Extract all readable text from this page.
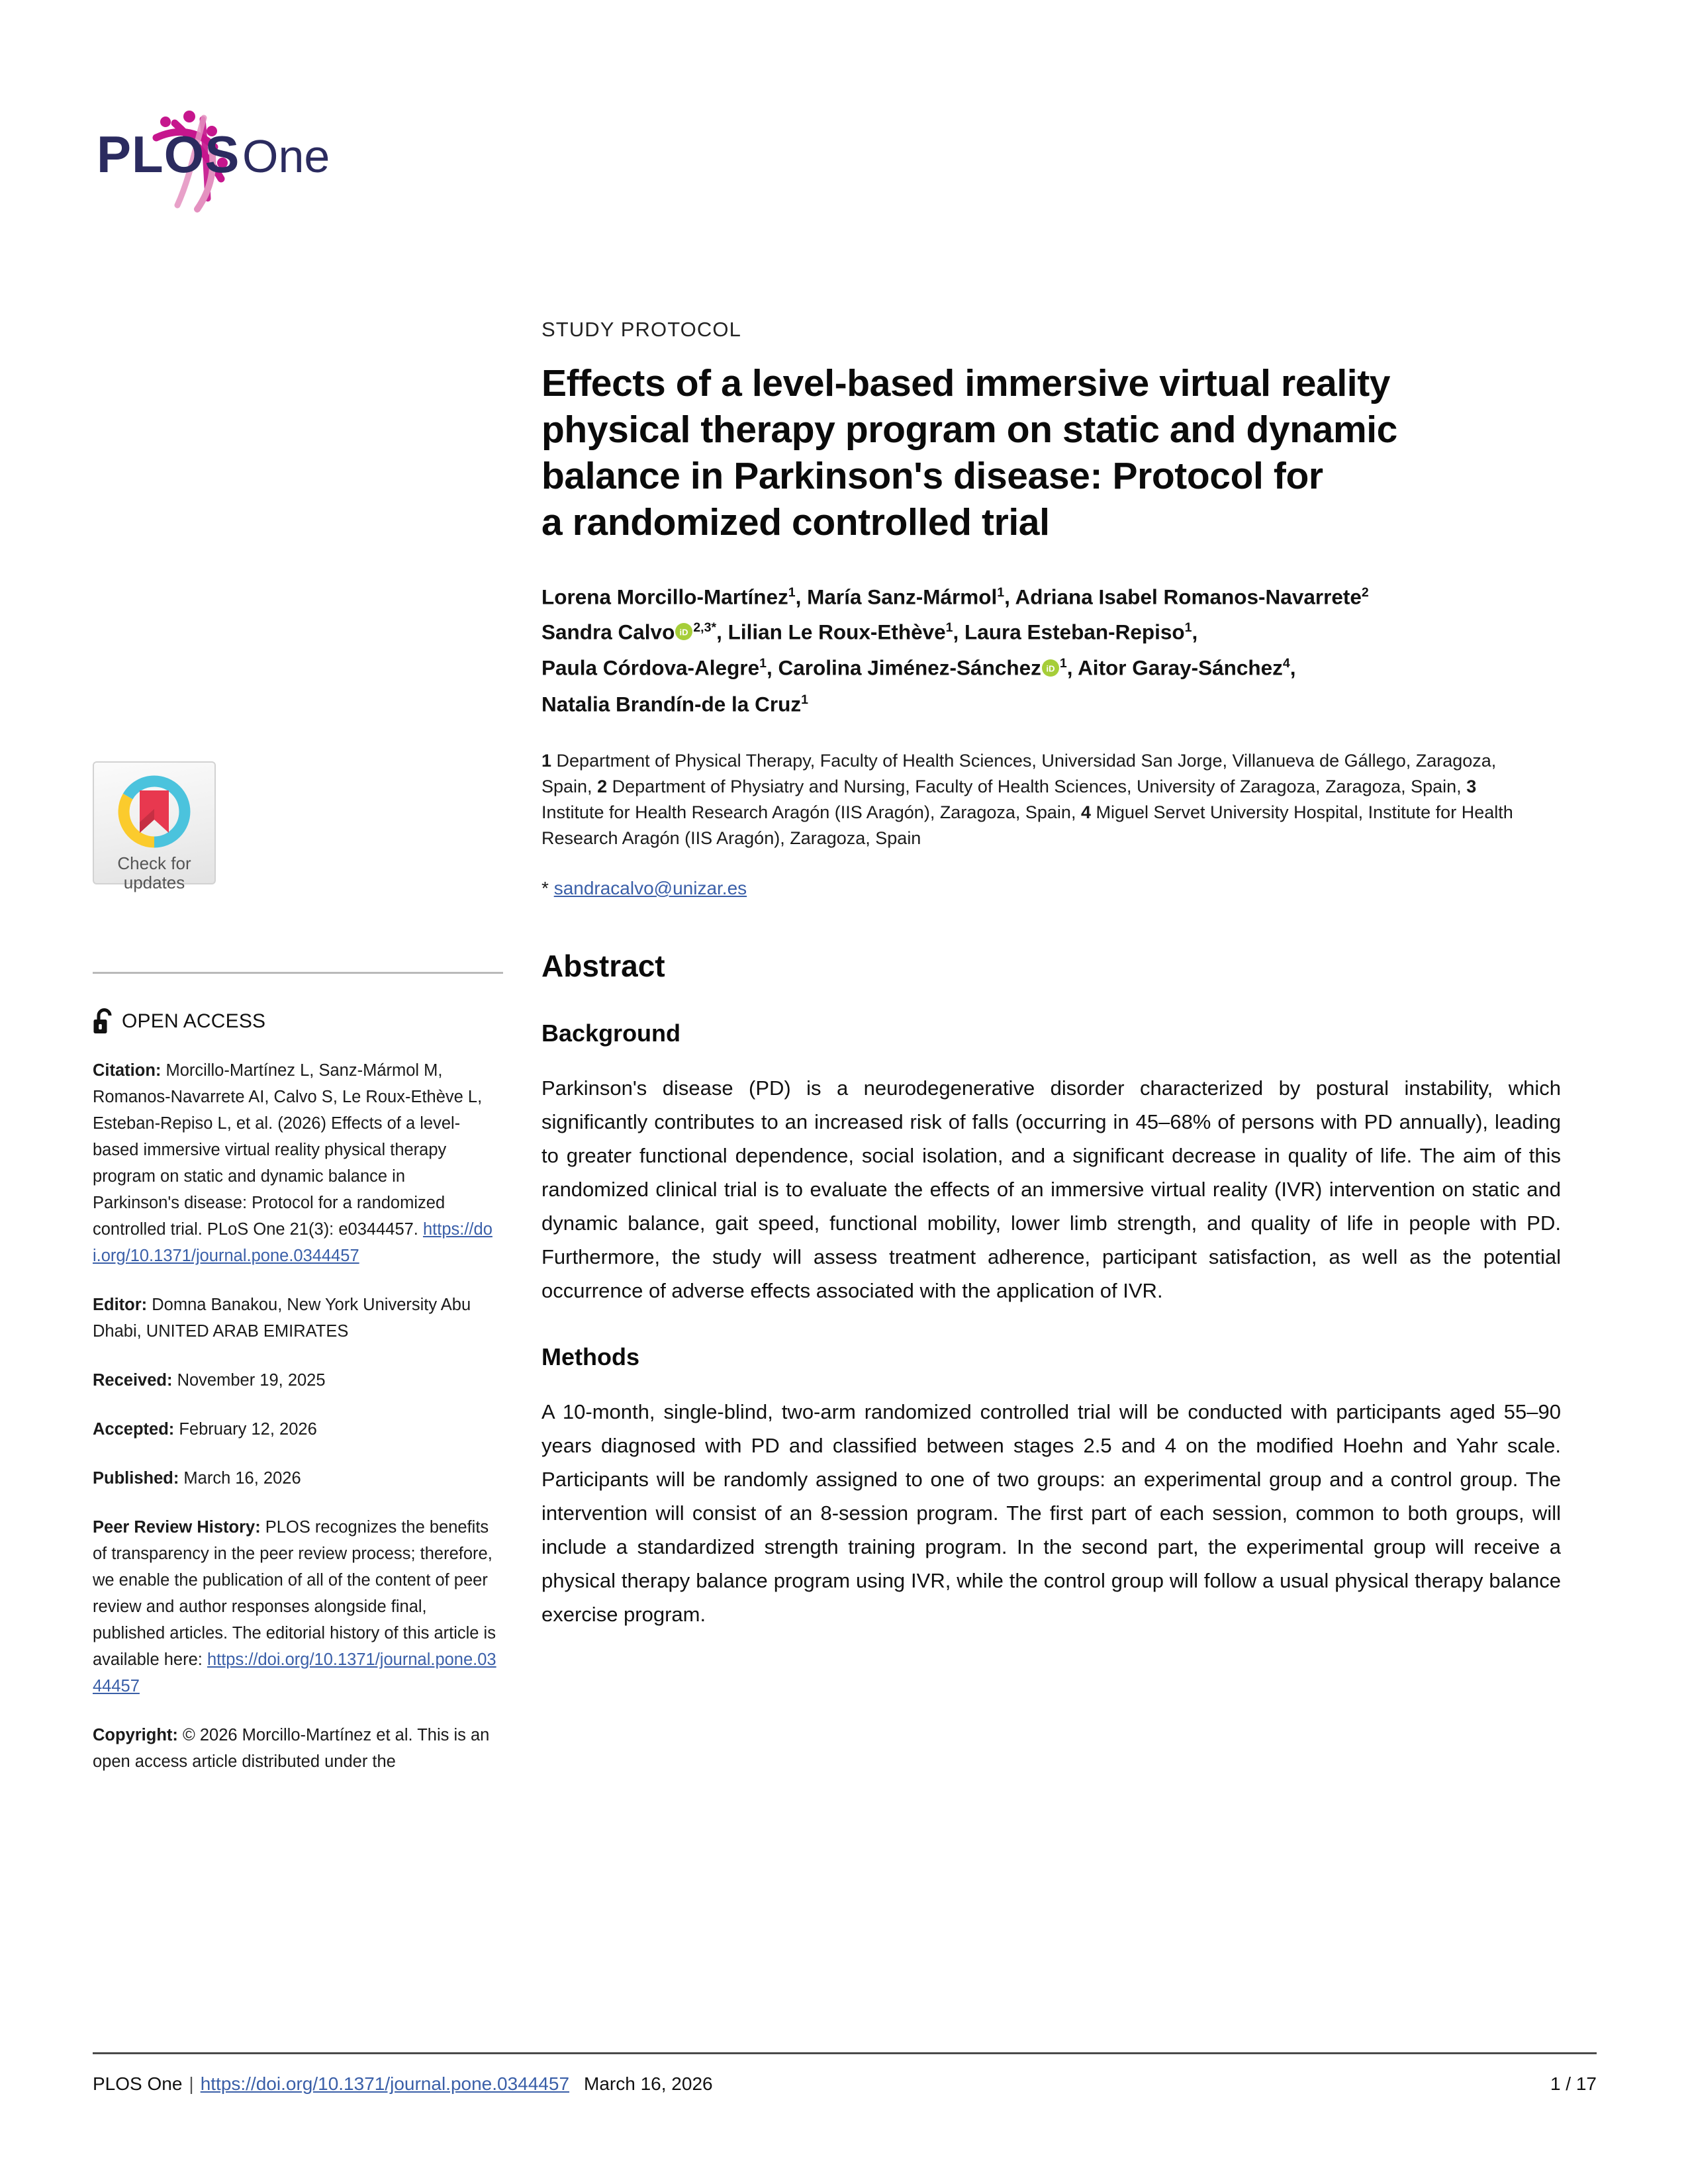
PLOS One
Check for
updates
OPEN ACCESS
Citation: Morcillo-Martínez L, Sanz-Mármol M, Romanos-Navarrete AI, Calvo S, Le Roux-Ethève L, Esteban-Repiso L, et al. (2026) Effects of a level-based immersive virtual reality physical therapy program on static and dynamic balance in Parkinson's disease: Protocol for a randomized controlled trial. PLoS One 21(3): e0344457. https://doi.org/10.1371/journal.pone.0344457
Editor: Domna Banakou, New York University Abu Dhabi, UNITED ARAB EMIRATES
Received: November 19, 2025
Accepted: February 12, 2026
Published: March 16, 2026
Peer Review History: PLOS recognizes the benefits of transparency in the peer review process; therefore, we enable the publication of all of the content of peer review and author responses alongside final, published articles. The editorial history of this article is available here: https://doi.org/10.1371/journal.pone.0344457
Copyright: © 2026 Morcillo-Martínez et al. This is an open access article distributed under the
STUDY PROTOCOL
Effects of a level-based immersive virtual reality
physical therapy program on static and dynamic
balance in Parkinson's disease: Protocol for
a randomized controlled trial
Lorena Morcillo-Martínez$^1$, María Sanz-Mármol$^1$, Adriana Isabel Romanos-Navarrete$^2$
Sandra Calvo iD $^{2,3*}$, Lilian Le Roux-Ethève$^1$, Laura Esteban-Repiso$^1$,
Paula Córdova-Alegre$^1$, Carolina Jiménez-Sánchez iD $^1$, Aitor Garay-Sánchez$^4$,
Natalia Brandín-de la Cruz$^1$
1 Department of Physical Therapy, Faculty of Health Sciences, Universidad San Jorge, Villanueva de Gállego, Zaragoza, Spain, 2 Department of Physiatry and Nursing, Faculty of Health Sciences, University of Zaragoza, Zaragoza, Spain, 3 Institute for Health Research Aragón (IIS Aragón), Zaragoza, Spain, 4 Miguel Servet University Hospital, Institute for Health Research Aragón (IIS Aragón), Zaragoza, Spain
* sandracalvo@unizar.es
Abstract
Background

Parkinson's disease (PD) is a neurodegenerative disorder characterized by postural instability, which significantly contributes to an increased risk of falls (occurring in 45–68% of persons with PD annually), leading to greater functional dependence, social isolation, and a significant decrease in quality of life. The aim of this randomized clinical trial is to evaluate the effects of an immersive virtual reality (IVR) intervention on static and dynamic balance, gait speed, functional mobility, lower limb strength, and quality of life in people with PD. Furthermore, the study will assess treatment adherence, participant satisfaction, as well as the potential occurrence of adverse effects associated with the application of IVR.

Methods

A 10-month, single-blind, two-arm randomized controlled trial will be conducted with participants aged 55–90 years diagnosed with PD and classified between stages 2.5 and 4 on the modified Hoehn and Yahr scale. Participants will be randomly assigned to one of two groups: an experimental group and a control group. The intervention will consist of an 8-session program. The first part of each session, common to both groups, will include a standardized strength training program. In the second part, the experimental group will receive a physical therapy balance program using IVR, while the control group will follow a usual physical therapy balance exercise program.

PLOS One | https://doi.org/10.1371/journal.pone.0344457 March 16, 2026	1 / 17
